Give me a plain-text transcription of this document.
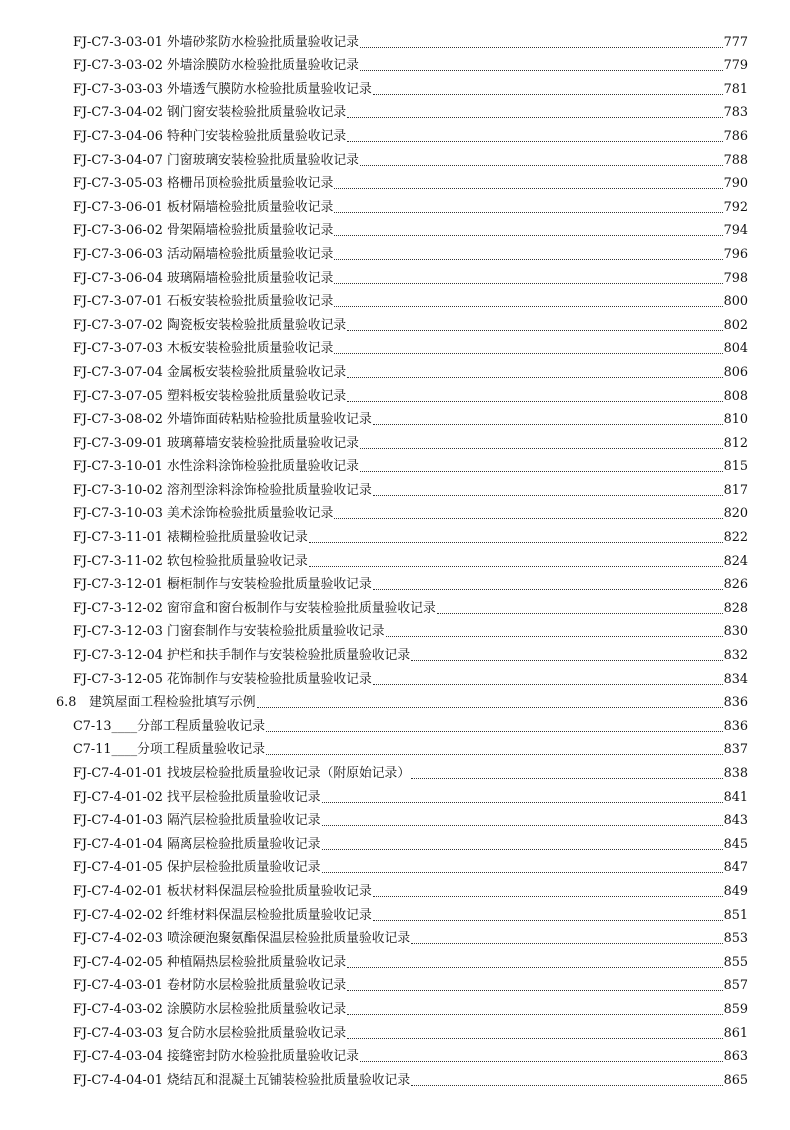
FJ-C7-3-03-01 外墙砂浆防水检验批质量验收记录	777
FJ-C7-3-03-02 外墙涂膜防水检验批质量验收记录	779
FJ-C7-3-03-03 外墙透气膜防水检验批质量验收记录	781
FJ-C7-3-04-02 钢门窗安装检验批质量验收记录	783
FJ-C7-3-04-06 特种门安装检验批质量验收记录	786
FJ-C7-3-04-07 门窗玻璃安装检验批质量验收记录	788
FJ-C7-3-05-03 格栅吊顶检验批质量验收记录	790
FJ-C7-3-06-01 板材隔墙检验批质量验收记录	792
FJ-C7-3-06-02 骨架隔墙检验批质量验收记录	794
FJ-C7-3-06-03 活动隔墙检验批质量验收记录	796
FJ-C7-3-06-04 玻璃隔墙检验批质量验收记录	798
FJ-C7-3-07-01 石板安装检验批质量验收记录	800
FJ-C7-3-07-02 陶瓷板安装检验批质量验收记录	802
FJ-C7-3-07-03 木板安装检验批质量验收记录	804
FJ-C7-3-07-04 金属板安装检验批质量验收记录	806
FJ-C7-3-07-05 塑料板安装检验批质量验收记录	808
FJ-C7-3-08-02 外墙饰面砖粘贴检验批质量验收记录	810
FJ-C7-3-09-01 玻璃幕墙安装检验批质量验收记录	812
FJ-C7-3-10-01 水性涂料涂饰检验批质量验收记录	815
FJ-C7-3-10-02 溶剂型涂料涂饰检验批质量验收记录	817
FJ-C7-3-10-03 美术涂饰检验批质量验收记录	820
FJ-C7-3-11-01 裱糊检验批质量验收记录	822
FJ-C7-3-11-02 软包检验批质量验收记录	824
FJ-C7-3-12-01 橱柜制作与安装检验批质量验收记录	826
FJ-C7-3-12-02 窗帘盒和窗台板制作与安装检验批质量验收记录	828
FJ-C7-3-12-03 门窗套制作与安装检验批质量验收记录	830
FJ-C7-3-12-04 护栏和扶手制作与安装检验批质量验收记录	832
FJ-C7-3-12-05 花饰制作与安装检验批质量验收记录	834
6.8　建筑屋面工程检验批填写示例	836
C7-13____分部工程质量验收记录	836
C7-11____分项工程质量验收记录	837
FJ-C7-4-01-01 找坡层检验批质量验收记录（附原始记录）	838
FJ-C7-4-01-02 找平层检验批质量验收记录	841
FJ-C7-4-01-03 隔汽层检验批质量验收记录	843
FJ-C7-4-01-04 隔离层检验批质量验收记录	845
FJ-C7-4-01-05 保护层检验批质量验收记录	847
FJ-C7-4-02-01 板状材料保温层检验批质量验收记录	849
FJ-C7-4-02-02 纤维材料保温层检验批质量验收记录	851
FJ-C7-4-02-03 喷涂硬泡聚氨酯保温层检验批质量验收记录	853
FJ-C7-4-02-05 种植隔热层检验批质量验收记录	855
FJ-C7-4-03-01 卷材防水层检验批质量验收记录	857
FJ-C7-4-03-02 涂膜防水层检验批质量验收记录	859
FJ-C7-4-03-03 复合防水层检验批质量验收记录	861
FJ-C7-4-03-04 接缝密封防水检验批质量验收记录	863
FJ-C7-4-04-01 烧结瓦和混凝土瓦铺装检验批质量验收记录	865
